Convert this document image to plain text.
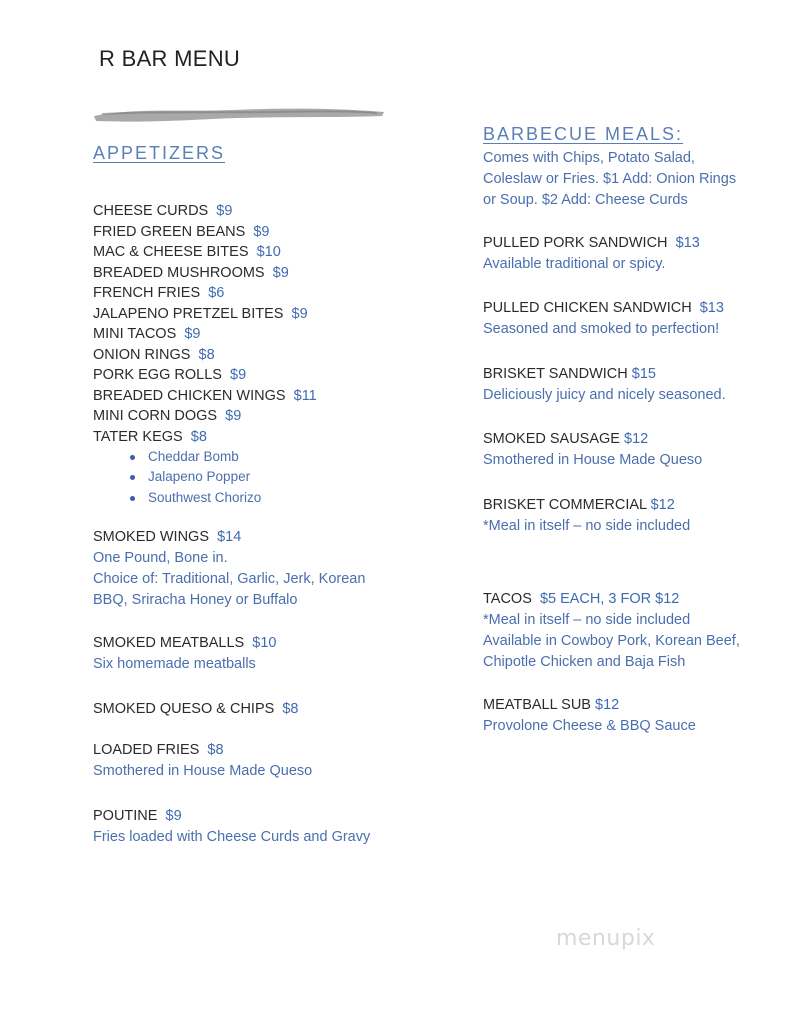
R BAR MENU
APPETIZERS
CHEESE CURDS $9
FRIED GREEN BEANS $9
MAC & CHEESE BITES $10
BREADED MUSHROOMS $9
FRENCH FRIES $6
JALAPENO PRETZEL BITES $9
MINI TACOS $9
ONION RINGS $8
PORK EGG ROLLS $9
BREADED CHICKEN WINGS $11
MINI CORN DOGS $9
TATER KEGS $8
Cheddar Bomb
Jalapeno Popper
Southwest Chorizo
SMOKED WINGS $14
One Pound, Bone in.
Choice of: Traditional, Garlic, Jerk, Korean
BBQ, Sriracha Honey or Buffalo
SMOKED MEATBALLS $10
Six homemade meatballs
SMOKED QUESO & CHIPS $8
LOADED FRIES $8
Smothered in House Made Queso
POUTINE $9
Fries loaded with Cheese Curds and Gravy
BARBECUE MEALS:
Comes with Chips, Potato Salad,
Coleslaw or Fries. $1 Add: Onion Rings
or Soup. $2 Add: Cheese Curds
PULLED PORK SANDWICH $13
Available traditional or spicy.
PULLED CHICKEN SANDWICH $13
Seasoned and smoked to perfection!
BRISKET SANDWICH $15
Deliciously juicy and nicely seasoned.
SMOKED SAUSAGE $12
Smothered in House Made Queso
BRISKET COMMERCIAL $12
*Meal in itself – no side included
TACOS $5 EACH, 3 FOR $12
*Meal in itself – no side included
Available in Cowboy Pork, Korean Beef,
Chipotle Chicken and Baja Fish
MEATBALL SUB $12
Provolone Cheese & BBQ Sauce
menupix
